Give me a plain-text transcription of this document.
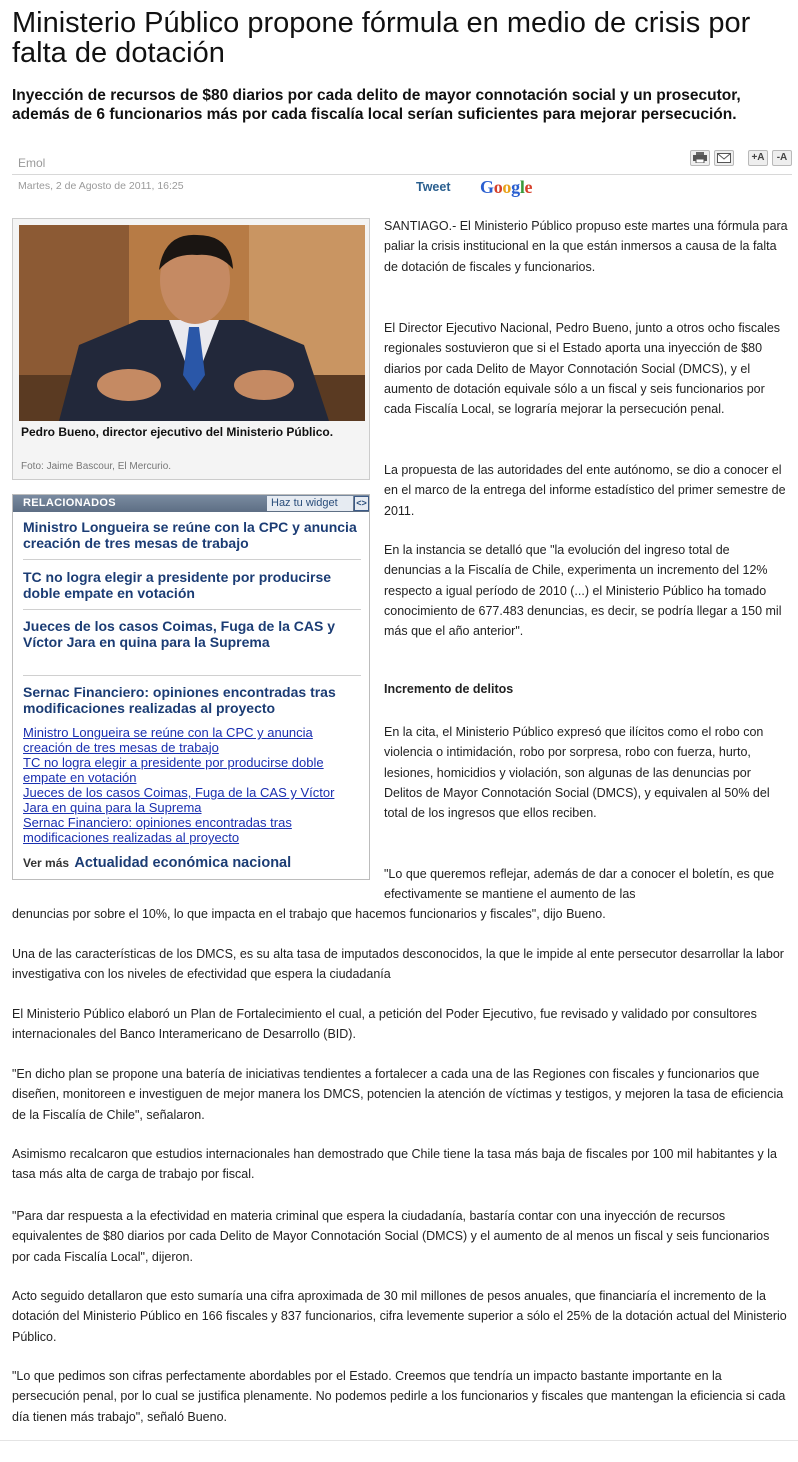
Ministerio Público propone fórmula en medio de crisis por falta de dotación

Inyección de recursos de $80 diarios por cada delito de mayor connotación social y un prosecutor, además de 6 funcionarios más por cada fiscalía local serían suficientes para mejorar persecución.

Emol	+A	-A
Martes, 2 de Agosto de 2011, 16:25	Tweet Google
Pedro Bueno, director ejecutivo del Ministerio Público.
Foto: Jaime Bascour, El Mercurio.
RELACIONADOS	Haz tu widget	<>
Ministro Longueira se reúne con la CPC y anuncia creación de tres mesas de trabajo
TC no logra elegir a presidente por producirse doble empate en votación
Jueces de los casos Coimas, Fuga de la CAS y Víctor Jara en quina para la Suprema
Sernac Financiero: opiniones encontradas tras modificaciones realizadas al proyecto
Ministro Longueira se reúne con la CPC y anuncia creación de tres mesas de trabajo
TC no logra elegir a presidente por producirse doble empate en votación
Jueces de los casos Coimas, Fuga de la CAS y Víctor Jara en quina para la Suprema
Sernac Financiero: opiniones encontradas tras modificaciones realizadas al proyecto
Ver más Actualidad económica nacional

SANTIAGO.- El Ministerio Público propuso este martes una fórmula para paliar la crisis institucional en la que están inmersos a causa de la falta de dotación de fiscales y funcionarios.

El Director Ejecutivo Nacional, Pedro Bueno, junto a otros ocho fiscales regionales sostuvieron que si el Estado aporta una inyección de $80 diarios por cada Delito de Mayor Connotación Social (DMCS), y el aumento de dotación equivale sólo a un fiscal y seis funcionarios por cada Fiscalía Local, se lograría mejorar la persecución penal.

La propuesta de las autoridades del ente autónomo, se dio a conocer el en el marco de la entrega del informe estadístico del primer semestre de 2011.

En la instancia se detalló que "la evolución del ingreso total de denuncias a la Fiscalía de Chile, experimenta un incremento del 12% respecto a igual período de 2010 (...) el Ministerio Público ha tomado conocimiento de 677.483 denuncias, es decir, se podría llegar a 150 mil más que el año anterior".

Incremento de delitos

En la cita, el Ministerio Público expresó que ilícitos como el robo con violencia o intimidación, robo por sorpresa, robo con fuerza, hurto, lesiones, homicidios y violación, son algunas de las denuncias por Delitos de Mayor Connotación Social (DMCS), y equivalen al 50% del total de los ingresos que ellos reciben.

"Lo que queremos reflejar, además de dar a conocer el boletín, es que efectivamente se mantiene el aumento de las

denuncias por sobre el 10%, lo que impacta en el trabajo que hacemos funcionarios y fiscales", dijo Bueno.

Una de las características de los DMCS, es su alta tasa de imputados desconocidos, la que le impide al ente persecutor desarrollar la labor investigativa con los niveles de efectividad que espera la ciudadanía

El Ministerio Público elaboró un Plan de Fortalecimiento el cual, a petición del Poder Ejecutivo, fue revisado y validado por consultores internacionales del Banco Interamericano de Desarrollo (BID).

"En dicho plan se propone una batería de iniciativas tendientes a fortalecer a cada una de las Regiones con fiscales y funcionarios que diseñen, monitoreen e investiguen de mejor manera los DMCS, potencien la atención de víctimas y testigos, y mejoren la tasa de eficiencia de la Fiscalía de Chile", señalaron.

Asimismo recalcaron que estudios internacionales han demostrado que Chile tiene la tasa más baja de fiscales por 100 mil habitantes y la tasa más alta de carga de trabajo por fiscal.

"Para dar respuesta a la efectividad en materia criminal que espera la ciudadanía, bastaría contar con una inyección de recursos equivalentes de $80 diarios por cada Delito de Mayor Connotación Social (DMCS) y el aumento de al menos un fiscal y seis funcionarios por cada Fiscalía Local", dijeron.

Acto seguido detallaron que esto sumaría una cifra aproximada de 30 mil millones de pesos anuales, que financiaría el incremento de la dotación del Ministerio Público en 166 fiscales y 837 funcionarios, cifra levemente superior a sólo el 25% de la dotación actual del Ministerio Público.

"Lo que pedimos son cifras perfectamente abordables por el Estado. Creemos que tendría un impacto bastante importante en la persecución penal, por lo cual se justifica plenamente. No podemos pedirle a los funcionarios y fiscales que mantengan la eficiencia si cada día tienen más trabajo", señaló Bueno.
